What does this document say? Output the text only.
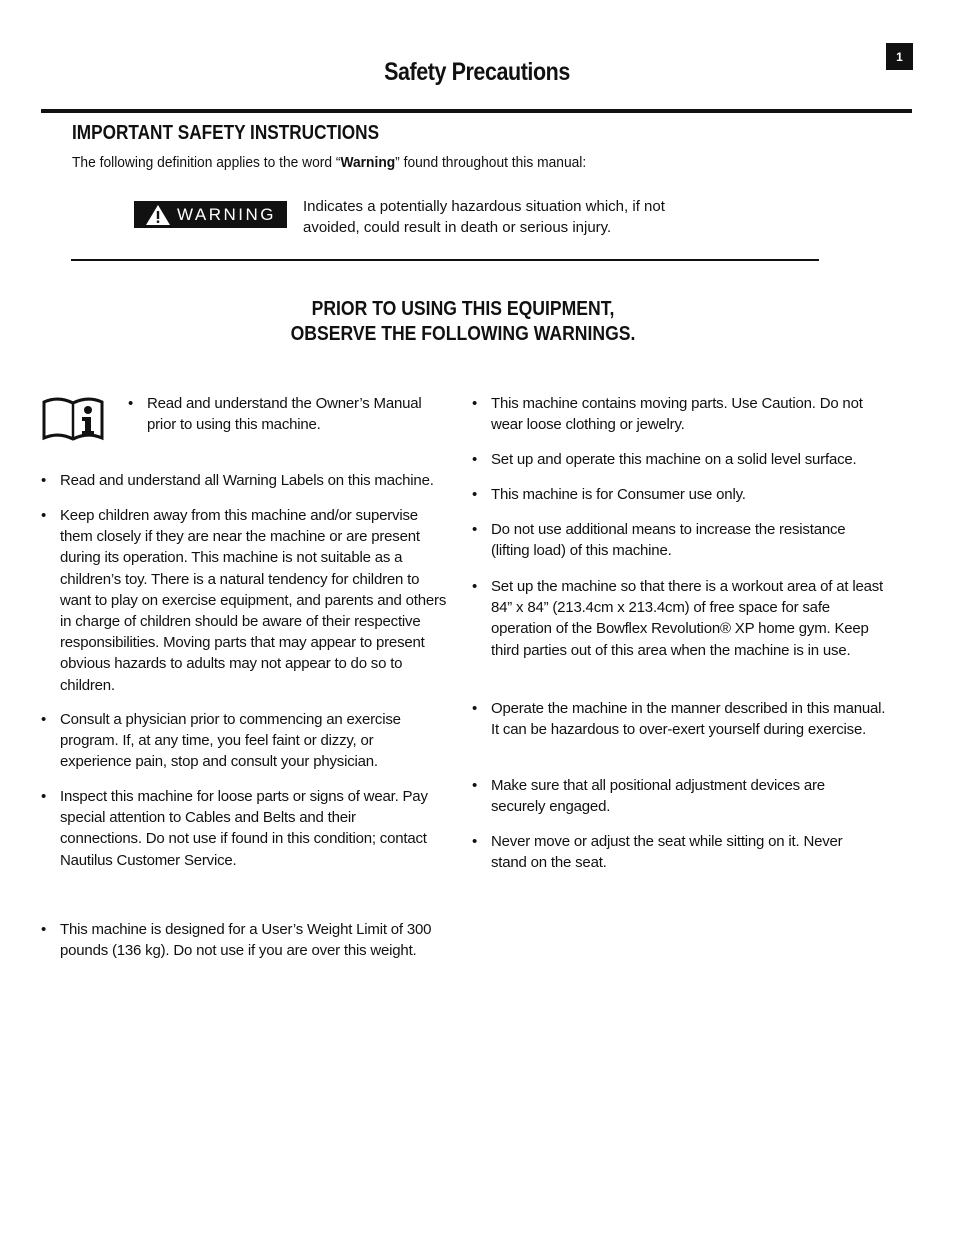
1
Safety Precautions
IMPORTANT SAFETY INSTRUCTIONS
The following definition applies to the word “Warning” found throughout this manual:
WARNING Indicates a potentially hazardous situation which, if not avoided, could result in death or serious injury.
PRIOR TO USING THIS EQUIPMENT,
OBSERVE THE FOLLOWING WARNINGS.
• Read and understand the Owner’s Manual prior to using this machine.
• Read and understand all Warning Labels on this machine.
• Keep children away from this machine and/or supervise them closely if they are near the machine or are present during its operation. This machine is not suitable as a children’s toy. There is a natural tendency for children to want to play on exercise equipment, and parents and others in charge of children should be aware of their respective responsibilities. Moving parts that may appear to present obvious hazards to adults may not appear to do so to children.
• Consult a physician prior to commencing an exercise program. If, at any time, you feel faint or dizzy, or experience pain, stop and consult your physician.
• Inspect this machine for loose parts or signs of wear. Pay special attention to Cables and Belts and their connections. Do not use if found in this condition; contact Nautilus Customer Service.
• This machine is designed for a User’s Weight Limit of 300 pounds (136 kg). Do not use if you are over this weight.
• This machine contains moving parts. Use Caution. Do not wear loose clothing or jewelry.
• Set up and operate this machine on a solid level surface.
• This machine is for Consumer use only.
• Do not use additional means to increase the resistance (lifting load) of this machine.
• Set up the machine so that there is a workout area of at least 84” x 84” (213.4cm x 213.4cm) of free space for safe operation of the Bowflex Revolution® XP home gym. Keep third parties out of this area when the machine is in use.
• Operate the machine in the manner described in this manual. It can be hazardous to over-exert yourself during exercise.
• Make sure that all positional adjustment devices are securely engaged.
• Never move or adjust the seat while sitting on it. Never stand on the seat.
